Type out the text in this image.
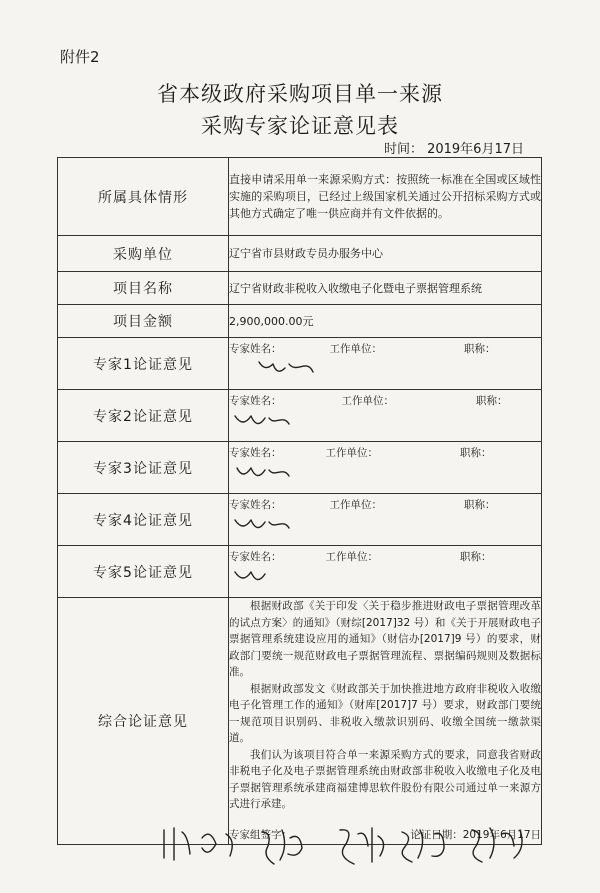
附件2
省本级政府采购项目单一来源
采购专家论证意见表
时间： 2019年6月17日
所属具体情形	直接申请采用单一来源采购方式：按照统一标准在全国或区域性实施的采购项目，已经过上级国家机关通过公开招标采购方式或其他方式确定了唯一供应商并有文件依据的。
采购单位	辽宁省市县财政专员办服务中心
项目名称	辽宁省财政非税收入收缴电子化暨电子票据管理系统
项目金额	2,900,000.00元
专家1论证意见	专家姓名： 工作单位： 职称：

专家2论证意见	专家姓名： 工作单位： 职称：

专家3论证意见	专家姓名： 工作单位： 职称：

专家4论证意见	专家姓名： 工作单位： 职称：

专家5论证意见	专家姓名： 工作单位： 职称：

综合论证意见	根据财政部《关于印发〈关于稳步推进财政电子票据管理改革的试点方案〉的通知》（财综[2017]32 号）和《关于开展财政电子票据管理系统建设应用的通知》（财信办[2017]9 号）的要求，财政部门要统一规范财政电子票据管理流程、票据编码规则及数据标准。

根据财政部发文《财政部关于加快推进地方政府非税收入收缴电子化管理工作的通知》（财库[2017]7 号）要求，财政部门要统一规范项目识别码、非税收入缴款识别码、收缴全国统一缴款渠道。

我们认为该项目符合单一来源采购方式的要求，同意我省财政非税电子化及电子票据管理系统由财政部非税收入收缴电子化及电子票据管理系统承建商福建博思软件股份有限公司通过单一来源方式进行承建。

专家组签字： 论证日期：2019年6月17日
